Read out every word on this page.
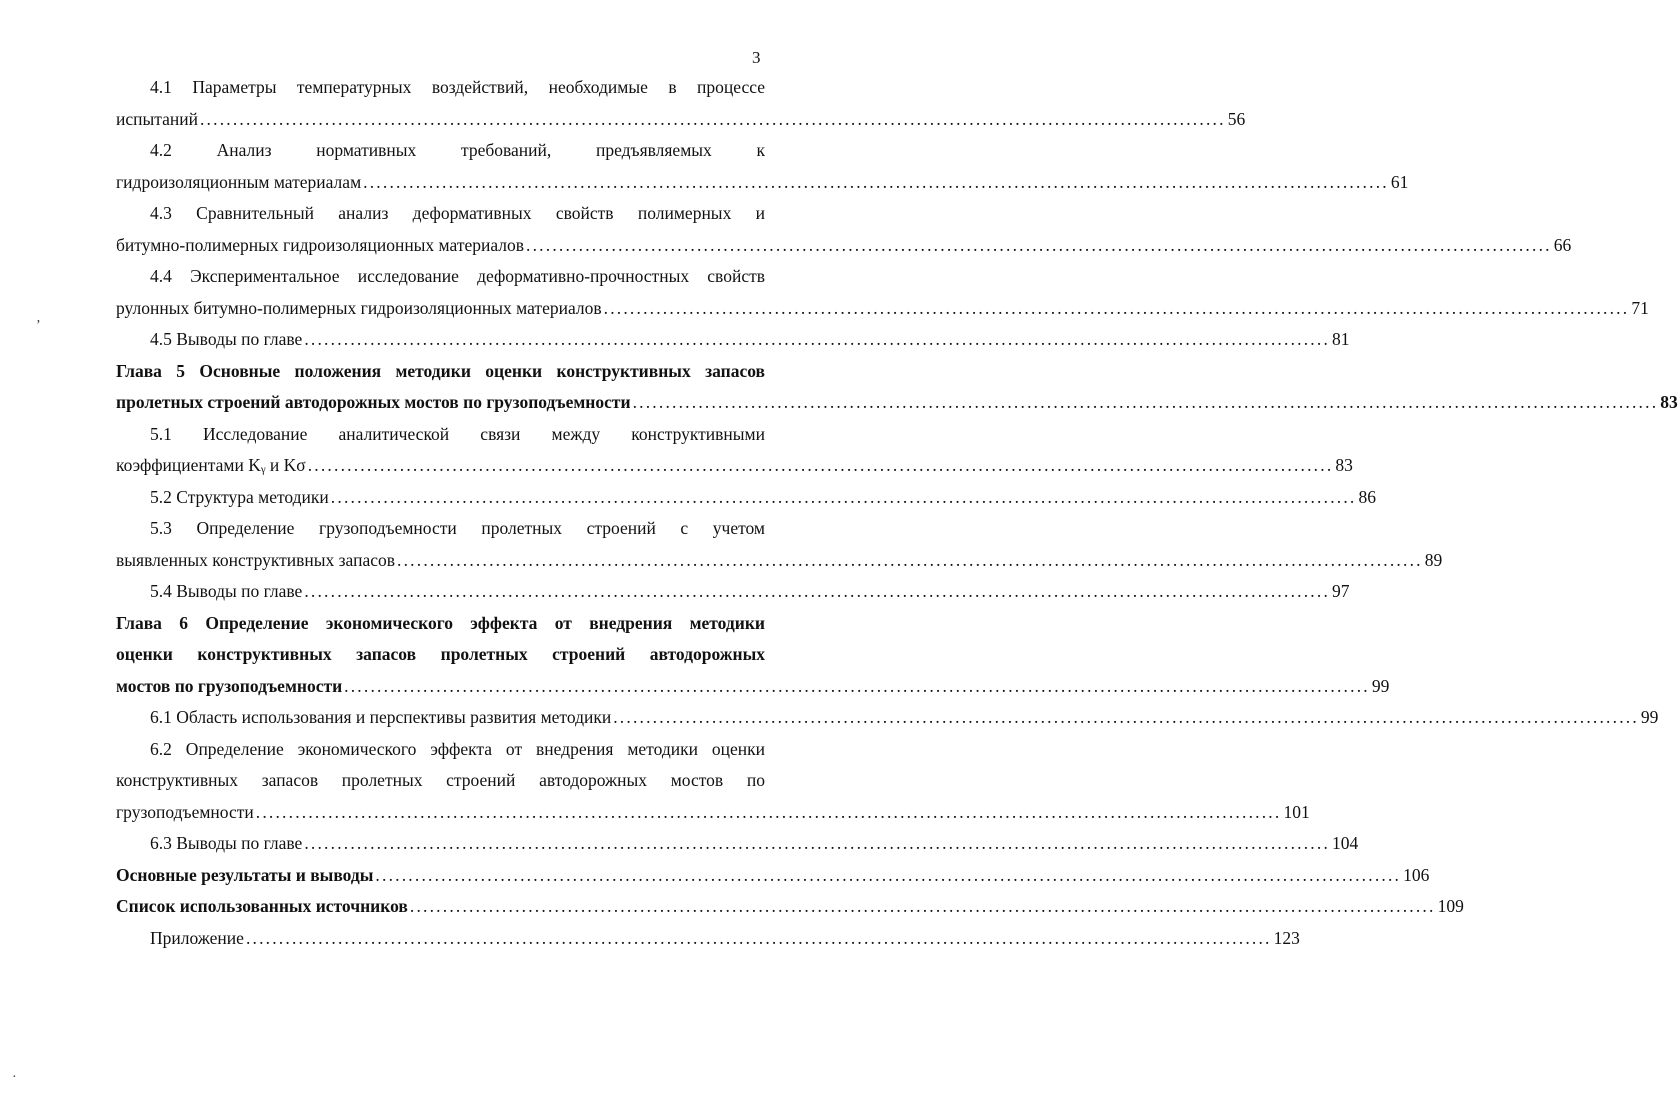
3
4.1 Параметры температурных воздействий, необходимые в процессе
испытаний ............................................................................................................................................................ 56
4.2 Анализ нормативных требований, предъявляемых к
гидроизоляционным материалам ............................................................................................................................................................ 61
4.3 Сравнительный анализ деформативных свойств полимерных и
битумно-полимерных гидроизоляционных материалов ............................................................................................................................................................ 66
4.4 Экспериментальное исследование деформативно-прочностных свойств
рулонных битумно-полимерных гидроизоляционных материалов ............................................................................................................................................................ 71
4.5 Выводы по главе ............................................................................................................................................................ 81
Глава 5 Основные положения методики оценки конструктивных запасов
пролетных строений автодорожных мостов по грузоподъемности ............................................................................................................................................................ 83
5.1 Исследование аналитической связи между конструктивными
коэффициентами Kᵧ и Kσ ............................................................................................................................................................ 83
5.2 Структура методики ............................................................................................................................................................ 86
5.3 Определение грузоподъемности пролетных строений с учетом
выявленных конструктивных запасов ............................................................................................................................................................ 89
5.4 Выводы по главе ............................................................................................................................................................ 97
Глава 6 Определение экономического эффекта от внедрения методики
оценки конструктивных запасов пролетных строений автодорожных
мостов по грузоподъемности ............................................................................................................................................................ 99
6.1 Область использования и перспективы развития методики ............................................................................................................................................................ 99
6.2 Определение экономического эффекта от внедрения методики оценки
конструктивных запасов пролетных строений автодорожных мостов по
грузоподъемности ............................................................................................................................................................ 101
6.3 Выводы по главе ............................................................................................................................................................ 104
Основные результаты и выводы ............................................................................................................................................................ 106
Список использованных источников ............................................................................................................................................................ 109
Приложение ............................................................................................................................................................ 123
’
·
